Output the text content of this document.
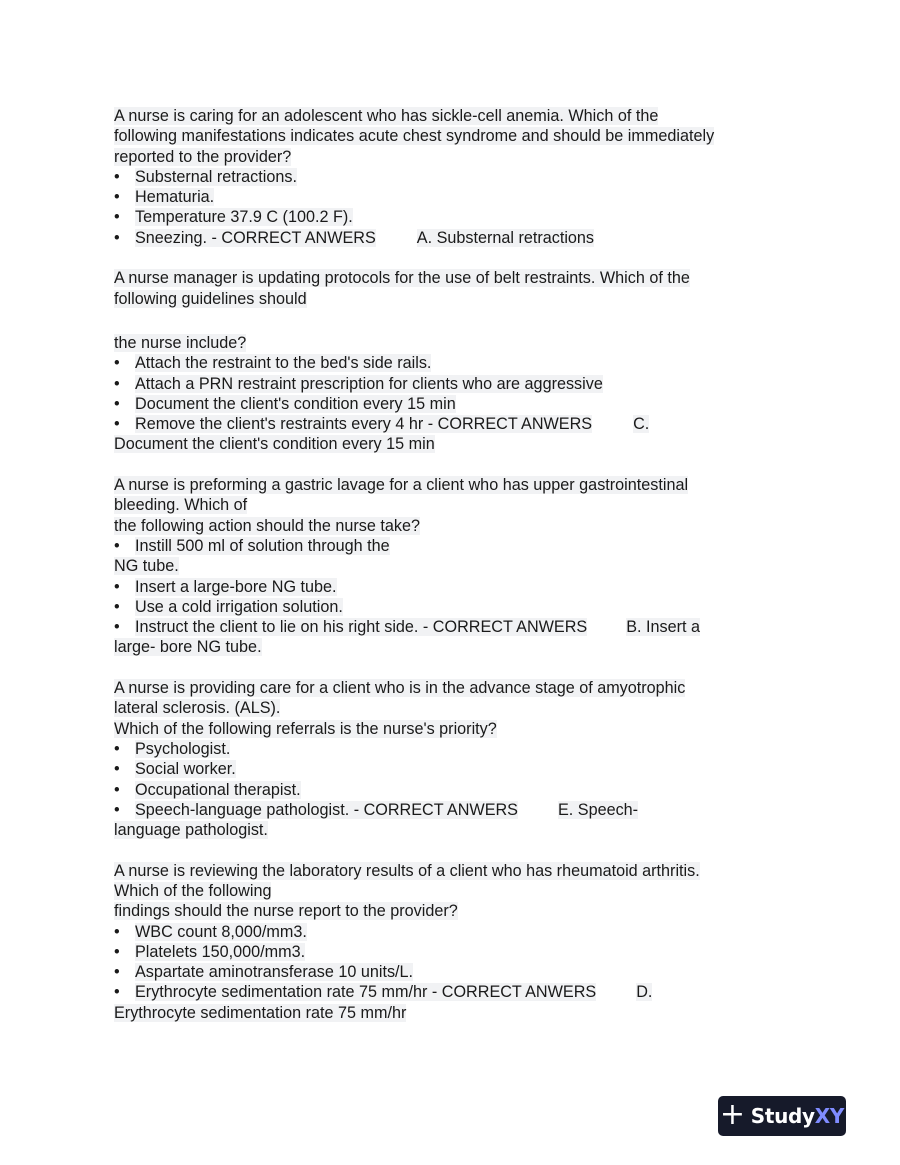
A nurse is caring for an adolescent who has sickle-cell anemia. Which of the
following manifestations indicates acute chest syndrome and should be immediately
reported to the provider?
• Substernal retractions.
• Hematuria.
• Temperature 37.9 C (100.2 F).
• Sneezing. - CORRECT ANWERS	A. Substernal retractions
A nurse manager is updating protocols for the use of belt restraints. Which of the
following guidelines should
the nurse include?
• Attach the restraint to the bed's side rails.
• Attach a PRN restraint prescription for clients who are aggressive
• Document the client's condition every 15 min
• Remove the client's restraints every 4 hr - CORRECT ANWERS	C.
Document the client's condition every 15 min
A nurse is preforming a gastric lavage for a client who has upper gastrointestinal
bleeding. Which of
the following action should the nurse take?
• Instill 500 ml of solution through the
NG tube.
• Insert a large-bore NG tube.
• Use a cold irrigation solution.
• Instruct the client to lie on his right side. - CORRECT ANWERS B. Insert a
large- bore NG tube.
A nurse is providing care for a client who is in the advance stage of amyotrophic
lateral sclerosis. (ALS).
Which of the following referrals is the nurse's priority?
• Psychologist.
• Social worker.
• Occupational therapist.
• Speech-language pathologist. - CORRECT ANWERS E. Speech-
language pathologist.
A nurse is reviewing the laboratory results of a client who has rheumatoid arthritis.
Which of the following
findings should the nurse report to the provider?
• WBC count 8,000/mm3.
• Platelets 150,000/mm3.
• Aspartate aminotransferase 10 units/L.
• Erythrocyte sedimentation rate 75 mm/hr - CORRECT ANWERS D.
Erythrocyte sedimentation rate 75 mm/hr
+ Study XY
